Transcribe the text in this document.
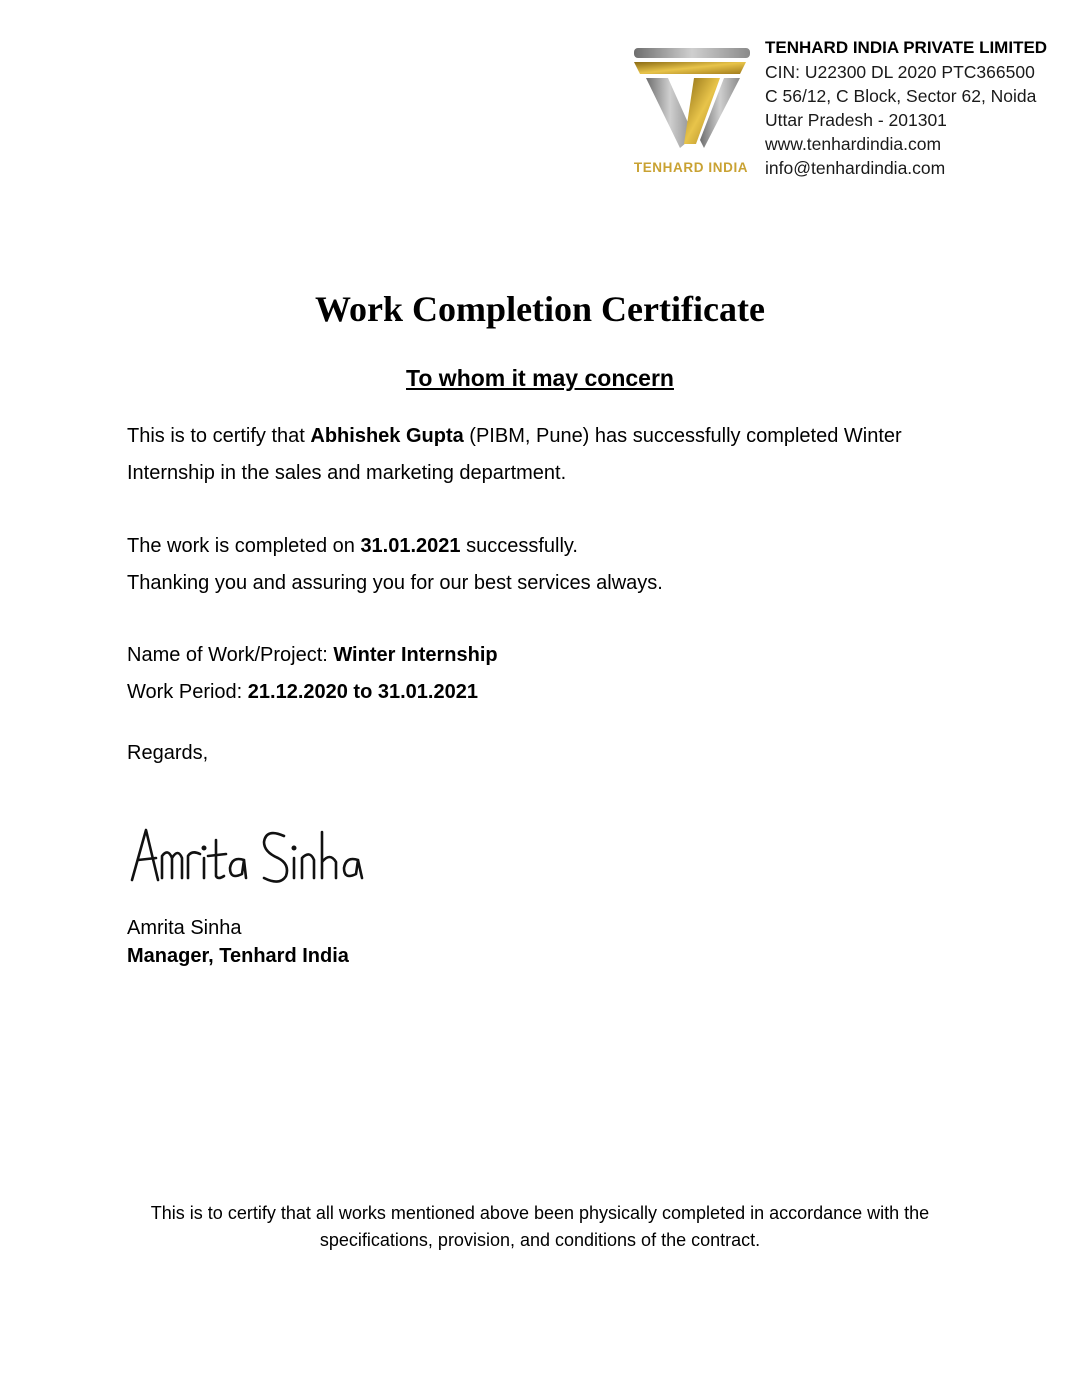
TENHARD INDIA
TENHARD INDIA PRIVATE LIMITED
CIN: U22300 DL 2020 PTC366500
C 56/12, C Block, Sector 62, Noida
Uttar Pradesh - 201301
www.tenhardindia.com
info@tenhardindia.com
Work Completion Certificate
To whom it may concern
This is to certify that Abhishek Gupta (PIBM, Pune) has successfully completed Winter Internship in the sales and marketing department.
The work is completed on 31.01.2021 successfully.
Thanking you and assuring you for our best services always.
Name of Work/Project: Winter Internship
Work Period: 21.12.2020 to 31.01.2021
Regards,
Amrita Sinha
Manager, Tenhard India
This is to certify that all works mentioned above been physically completed in accordance with the specifications, provision, and conditions of the contract.
